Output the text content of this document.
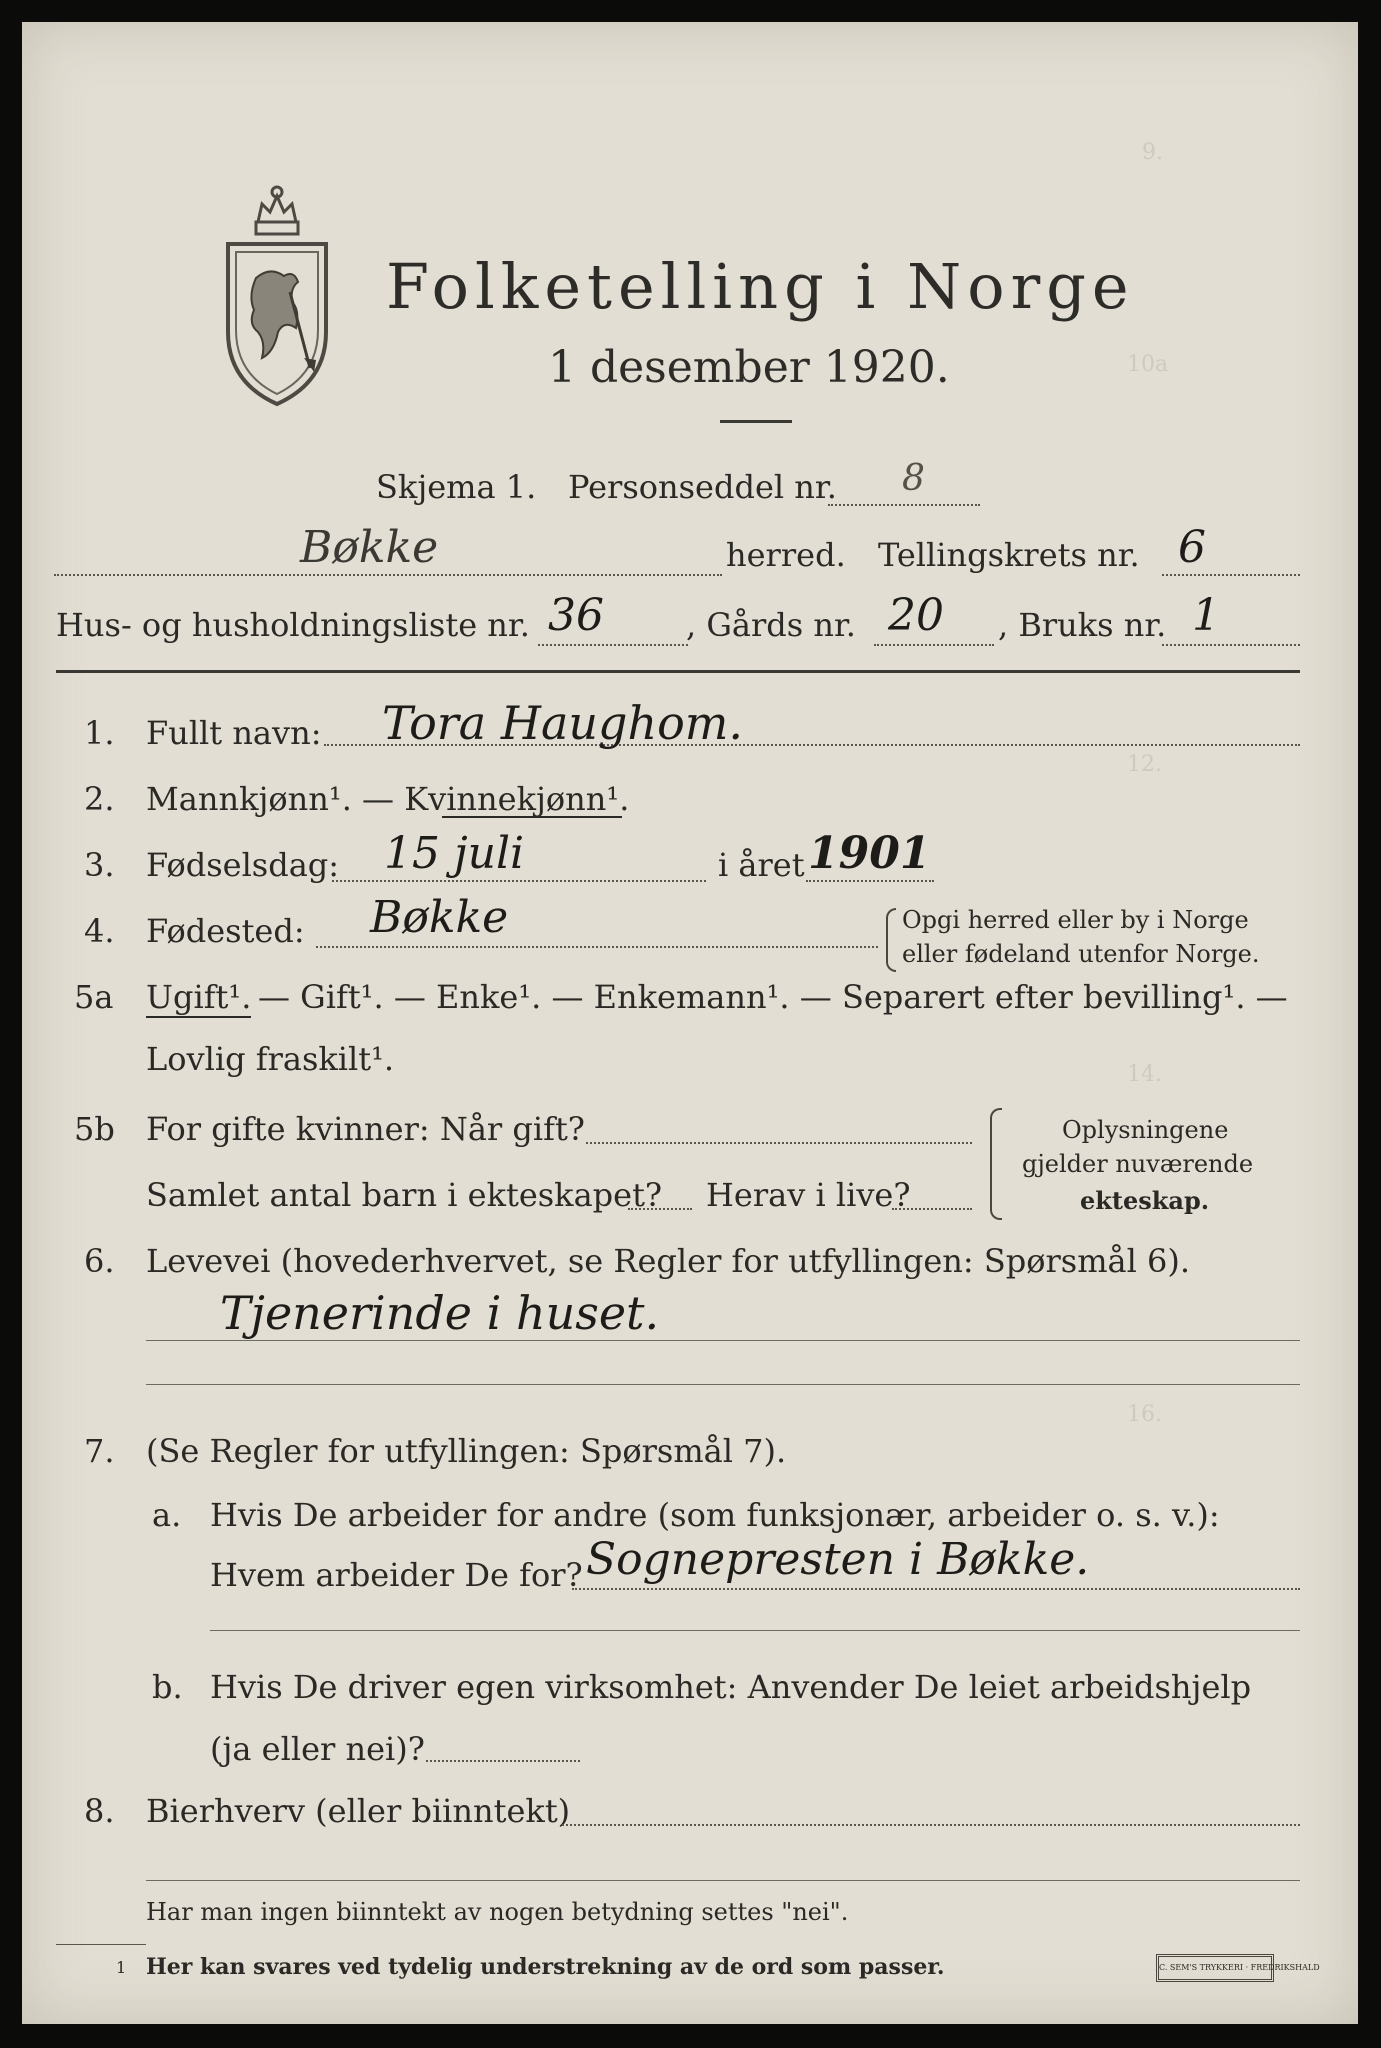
9.
10a
12.
14.
16.
Folketelling i Norge
1 desember 1920.
Skjema 1. Personseddel nr. 8
Bøkke	herred. Tellingskrets nr. 6
Hus- og husholdningsliste nr. 36	, Gårds nr. 20 , Bruks nr. 1
1. Fullt navn: Tora Haughom.
2. Mannkjønn¹. — Kvinnekjønn¹.
3. Fødselsdag: 15 juli	i året 1901
4. Fødested: Bøkke	Opgi herred eller by i Norge
eller fødeland utenfor Norge.
5a Ugift¹. — Gift¹. — Enke¹. — Enkemann¹. — Separert efter bevilling¹. —
Lovlig fraskilt¹.
5b For gifte kvinner: Når gift?
Samlet antal barn i ekteskapet? Herav i live?
Oplysningene
gjelder nuværende
ekteskap.
6. Levevei (hovederhvervet, se Regler for utfyllingen: Spørsmål 6).
Tjenerinde i huset.
7. (Se Regler for utfyllingen: Spørsmål 7).
a. Hvis De arbeider for andre (som funksjonær, arbeider o. s. v.):
Hvem arbeider De for? Sognepresten i Bøkke.
b. Hvis De driver egen virksomhet: Anvender De leiet arbeidshjelp
(ja eller nei)?
8. Bierhverv (eller biinntekt)
Har man ingen biinntekt av nogen betydning settes "nei".
1 Her kan svares ved tydelig understrekning av de ord som passer.	C. SEM'S TRYKKERI · FREDRIKSHALD
